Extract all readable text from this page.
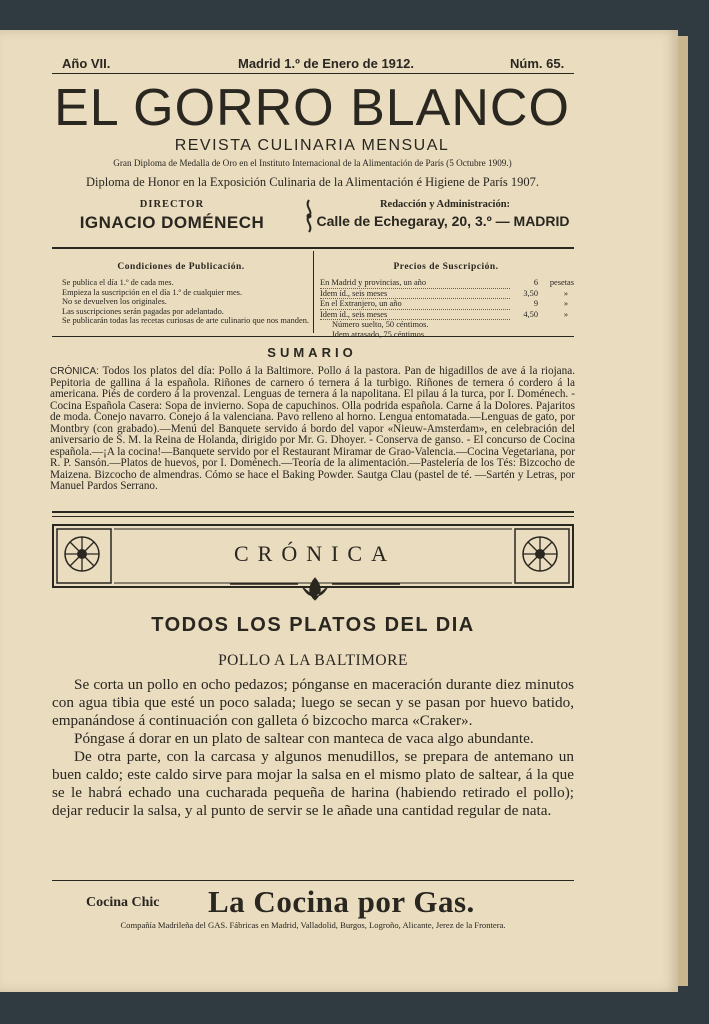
Año VII.	Madrid 1.º de Enero de 1912.	Núm. 65.
EL GORRO BLANCO
REVISTA CULINARIA MENSUAL
Gran Diploma de Medalla de Oro en el Instituto Internacional de la Alimentación de París (5 Octubre 1909.)
Diploma de Honor en la Exposición Culinaria de la Alimentación é Higiene de París 1907.
DIRECTOR
IGNACIO DOMÉNECH
Redacción y Administración:
Calle de Echegaray, 20, 3.º — MADRID
Condiciones de Publicación.
Se publica el día 1.º de cada mes.
Empieza la suscripción en el día 1.º de cualquier mes.
No se devuelven los originales.
Las suscripciones serán pagadas por adelantado.
Se publicarán todas las recetas curiosas de arte culinario que nos manden.
Precios de Suscripción.
En Madrid y provincias, un año	6	pesetas
Idem íd., seis meses	3,50	»
En el Extranjero, un año	9	»
Idem íd., seis meses	4,50	»
Número suelto, 50 céntimos.
Idem atrasado, 75 céntimos.
SUMARIO
CRÓNICA: Todos los platos del día: Pollo á la Baltimore. Pollo á la pastora. Pan de higadillos de ave á la riojana. Pepitoria de gallina á la española. Riñones de carnero ó ternera á la turbigo. Riñones de ternera ó cordero á la americana. Piés de cordero á la provenzal. Lenguas de ternera á la napolitana. El pilau á la turca, por I. Doménech. - Cocina Española Casera: Sopa de invierno. Sopa de capuchinos. Olla podrida española. Carne á la Dolores. Pajaritos de moda. Conejo navarro. Conejo á la valenciana. Pavo relleno al horno. Lengua entomatada.—Lenguas de gato, por Montbry (con grabado).—Menú del Banquete servido á bordo del vapor «Nieuw-Amsterdam», en celebración del aniversario de S. M. la Reina de Holanda, dirigido por Mr. G. Dhoyer. - Conserva de ganso. - El concurso de Cocina española.—¡A la cocina!—Banquete servido por el Restaurant Miramar de Grao-Valencia.—Cocina Vegetariana, por R. P. Sansón.—Platos de huevos, por I. Doménech.—Teoría de la alimentación.—Pastelería de los Tés: Bizcocho de Maizena. Bizcocho de almendras. Cómo se hace el Baking Powder. Sautga Clau (pastel de té. —Sartén y Letras, por Manuel Pardos Serrano.
CRÓNICA
TODOS LOS PLATOS DEL DIA
POLLO A LA BALTIMORE

Se corta un pollo en ocho pedazos; pónganse en maceración durante diez minutos con agua tibia que esté un poco salada; luego se secan y se pasan por huevo batido, empanándose á continuación con galleta ó bizcocho marca «Craker».

Póngase á dorar en un plato de saltear con manteca de vaca algo abundante.

De otra parte, con la carcasa y algunos menudillos, se prepara de antemano un buen caldo; este caldo sirve para mojar la salsa en el mismo plato de saltear, á la que se le habrá echado una cucharada pequeña de harina (habiendo retirado el pollo); dejar reducir la salsa, y al punto de servir se le añade una cantidad regular de nata.

Cocina Chic La Cocina por Gas.
Compañía Madrileña del GAS. Fábricas en Madrid, Valladolid, Burgos, Logroño, Alicante, Jerez de la Frontera.
